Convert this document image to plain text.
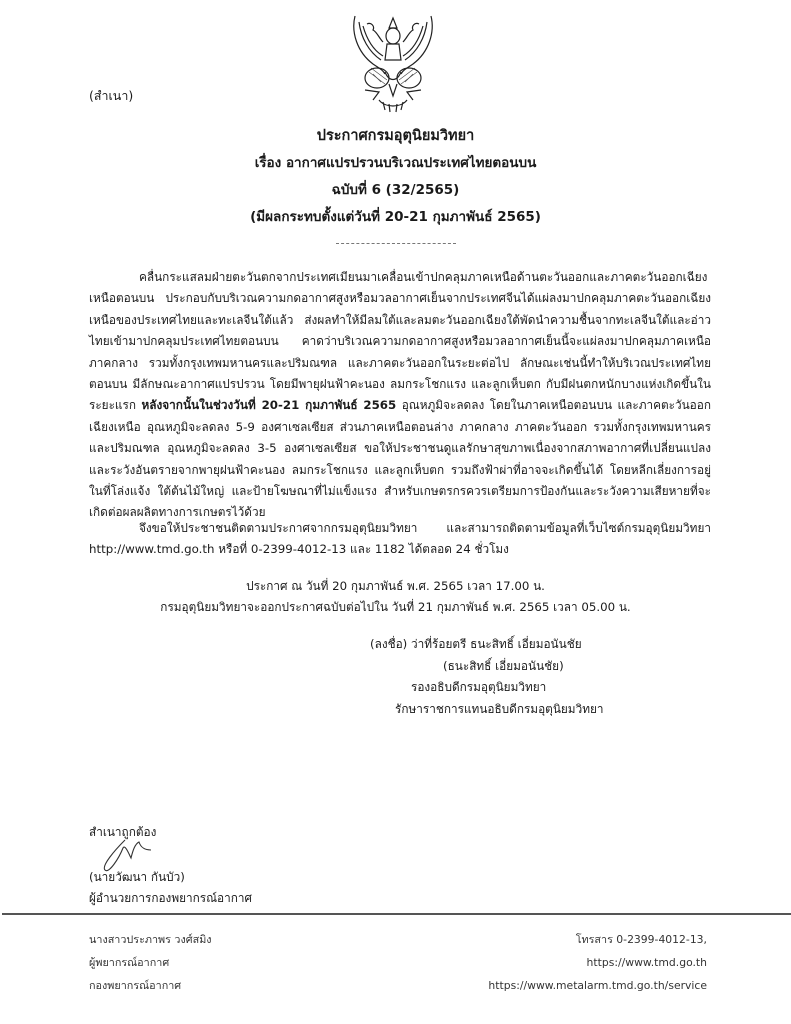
(สำเนา)
ประกาศกรมอุตุนิยมวิทยา
เรื่อง อากาศแปรปรวนบริเวณประเทศไทยตอนบน
ฉบับที่ 6 (32/2565)
(มีผลกระทบตั้งแต่วันที่ 20-21 กุมภาพันธ์ 2565)
คลื่นกระแสลมฝ่ายตะวันตกจากประเทศเมียนมาเคลื่อนเข้าปกคลุมภาคเหนือด้านตะวันออกและภาคตะวันออกเฉียงเหนือตอนบน ประกอบกับบริเวณความกดอากาศสูงหรือมวลอากาศเย็นจากประเทศจีนได้แผ่ลงมาปกคลุมภาคตะวันออกเฉียงเหนือของประเทศไทยและทะเลจีนใต้แล้ว ส่งผลทำให้มีลมใต้และลมตะวันออกเฉียงใต้พัดนำความชื้นจากทะเลจีนใต้และอ่าวไทยเข้ามาปกคลุมประเทศไทยตอนบน คาดว่าบริเวณความกดอากาศสูงหรือมวลอากาศเย็นนี้จะแผ่ลงมาปกคลุมภาคเหนือ ภาคกลาง รวมทั้งกรุงเทพมหานครและปริมณฑล และภาคตะวันออกในระยะต่อไป ลักษณะเช่นนี้ทำให้บริเวณประเทศไทยตอนบน มีลักษณะอากาศแปรปรวน โดยมีพายุฝนฟ้าคะนอง ลมกระโชกแรง และลูกเห็บตก กับมีฝนตกหนักบางแห่งเกิดขึ้นในระยะแรก หลังจากนั้นในช่วงวันที่ 20-21 กุมภาพันธ์ 2565 อุณหภูมิจะลดลง โดยในภาคเหนือตอนบน และภาคตะวันออกเฉียงเหนือ อุณหภูมิจะลดลง 5-9 องศาเซลเซียส ส่วนภาคเหนือตอนล่าง ภาคกลาง ภาคตะวันออก รวมทั้งกรุงเทพมหานครและปริมณฑล อุณหภูมิจะลดลง 3-5 องศาเซลเซียส ขอให้ประชาชนดูแลรักษาสุขภาพเนื่องจากสภาพอากาศที่เปลี่ยนแปลง และระวังอันตรายจากพายุฝนฟ้าคะนอง ลมกระโชกแรง และลูกเห็บตก รวมถึงฟ้าผ่าที่อาจจะเกิดขึ้นได้ โดยหลีกเลี่ยงการอยู่ในที่โล่งแจ้ง ใต้ต้นไม้ใหญ่ และป้ายโฆษณาที่ไม่แข็งแรง สำหรับเกษตรกรควรเตรียมการป้องกันและระวังความเสียหายที่จะเกิดต่อผลผลิตทางการเกษตรไว้ด้วย
จึงขอให้ประชาชนติดตามประกาศจากกรมอุตุนิยมวิทยา และสามารถติดตามข้อมูลที่เว็บไซต์กรมอุตุนิยมวิทยา http://www.tmd.go.th หรือที่ 0-2399-4012-13 และ 1182 ได้ตลอด 24 ชั่วโมง
ประกาศ ณ วันที่ 20 กุมภาพันธ์ พ.ศ. 2565 เวลา 17.00 น.
กรมอุตุนิยมวิทยาจะออกประกาศฉบับต่อไปใน วันที่ 21 กุมภาพันธ์ พ.ศ. 2565 เวลา 05.00 น.
(ลงชื่อ) ว่าที่ร้อยตรี ธนะสิทธิ์ เอี่ยมอนันชัย
(ธนะสิทธิ์ เอี่ยมอนันชัย)
รองอธิบดีกรมอุตุนิยมวิทยา
รักษาราชการแทนอธิบดีกรมอุตุนิยมวิทยา
สำเนาถูกต้อง
(นายวัฒนา กันบัว)
ผู้อำนวยการกองพยากรณ์อากาศ
นางสาวประภาพร วงศ์สมิง
ผู้พยากรณ์อากาศ
กองพยากรณ์อากาศ
โทรสาร 0-2399-4012-13, https://www.tmd.go.th
https://www.metalarm.tmd.go.th/service
